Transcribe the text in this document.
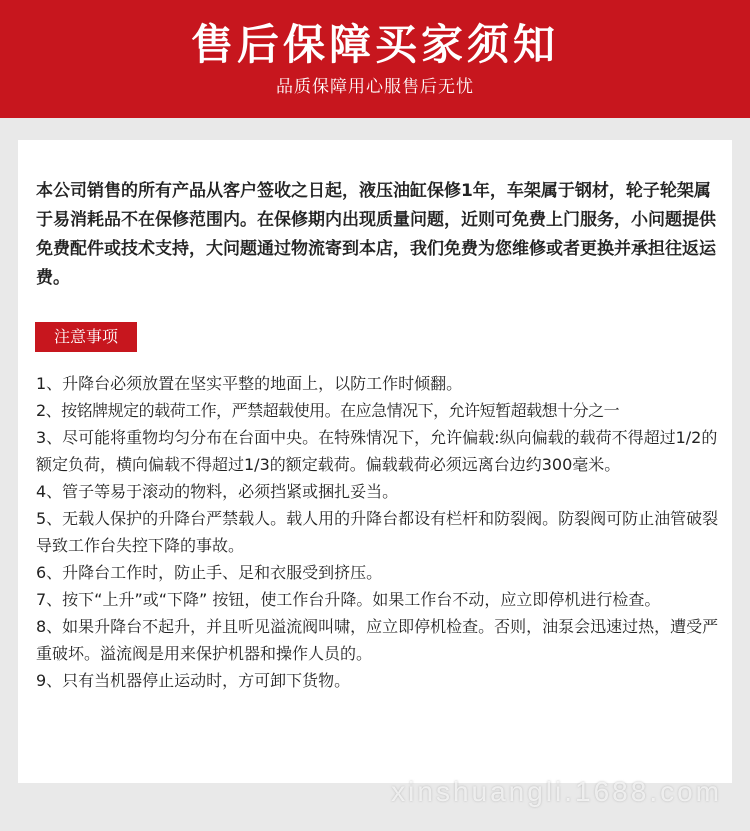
售后保障买家须知
品质保障用心服售后无忧

本公司销售的所有产品从客户签收之日起，液压油缸保修1年，车架属于钢材，轮子轮架属于易消耗品不在保修范围内。在保修期内出现质量问题，近则可免费上门服务，小问题提供免费配件或技术支持，大问题通过物流寄到本店，我们免费为您维修或者更换并承担往返运费。

注意事项
1、升降台必须放置在坚实平整的地面上，以防工作时倾翻。
2、按铭牌规定的载荷工作，严禁超载使用。在应急情况下，允许短暂超载想十分之一
3、尽可能将重物均匀分布在台面中央。在特殊情况下，允许偏载:纵向偏载的载荷不得超过1/2的额定负荷，横向偏载不得超过1/3的额定载荷。偏载载荷必须远离台边约300毫米。
4、管子等易于滚动的物料，必须挡紧或捆扎妥当。
5、无载人保护的升降台严禁载人。载人用的升降台都设有栏杆和防裂阀。防裂阀可防止油管破裂导致工作台失控下降的事故。
6、升降台工作时，防止手、足和衣服受到挤压。
7、按下“上升”或“下降” 按钮，使工作台升降。如果工作台不动，应立即停机进行检查。
8、如果升降台不起升，并且听见溢流阀叫啸，应立即停机检查。否则，油泵会迅速过热，遭受严重破坏。溢流阀是用来保护机器和操作人员的。
9、只有当机器停止运动时，方可卸下货物。
xinshuangli.1688.com
